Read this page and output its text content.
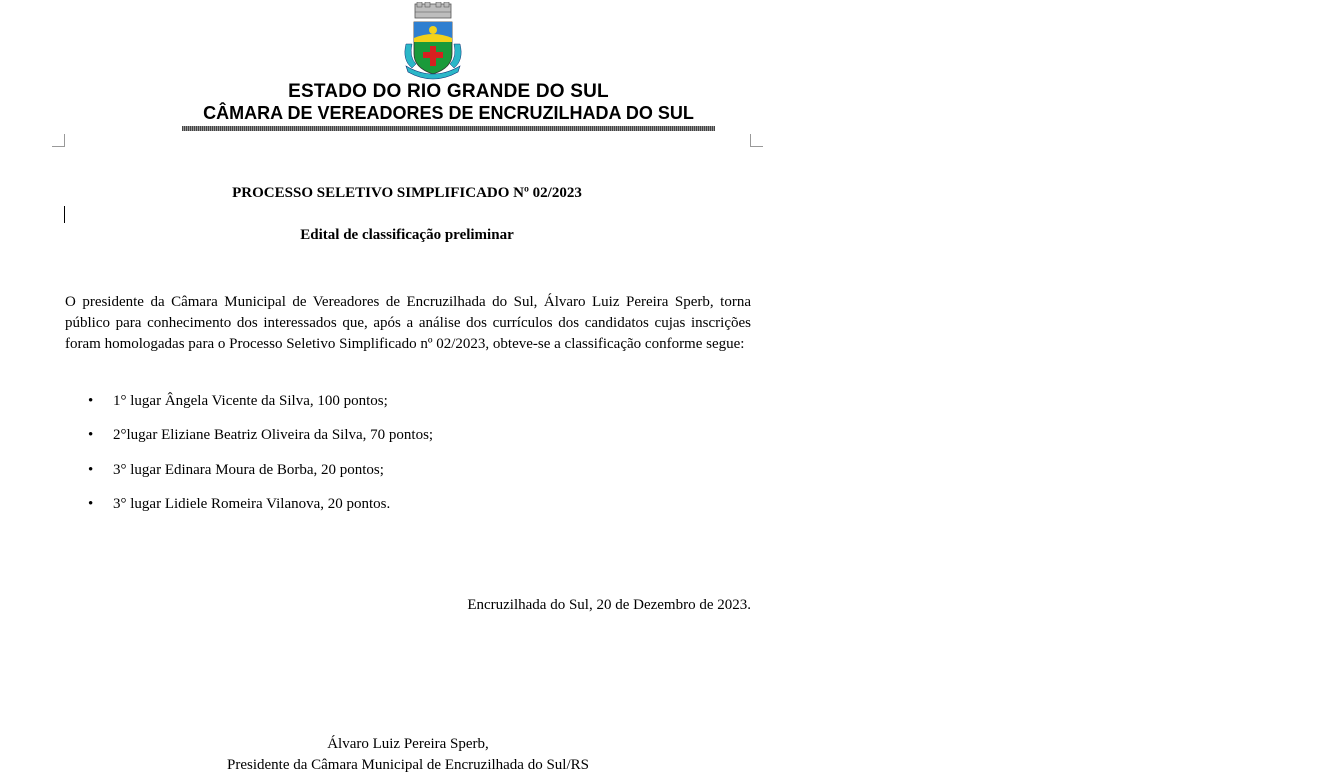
ESTADO DO RIO GRANDE DO SUL
CÂMARA DE VEREADORES DE ENCRUZILHADA DO SUL
PROCESSO SELETIVO SIMPLIFICADO Nº 02/2023
Edital de classificação preliminar

O presidente da Câmara Municipal de Vereadores de Encruzilhada do Sul, Álvaro Luiz Pereira Sperb, torna público para conhecimento dos interessados que, após a análise dos currículos dos candidatos cujas inscrições foram homologadas para o Processo Seletivo Simplificado nº 02/2023, obteve-se a classificação conforme segue:

• 1° lugar Ângela Vicente da Silva, 100 pontos;
• 2°lugar Eliziane Beatriz Oliveira da Silva, 70 pontos;
• 3° lugar Edinara Moura de Borba, 20 pontos;
• 3° lugar Lidiele Romeira Vilanova, 20 pontos.
Encruzilhada do Sul, 20 de Dezembro de 2023.
Álvaro Luiz Pereira Sperb,
Presidente da Câmara Municipal de Encruzilhada do Sul/RS
